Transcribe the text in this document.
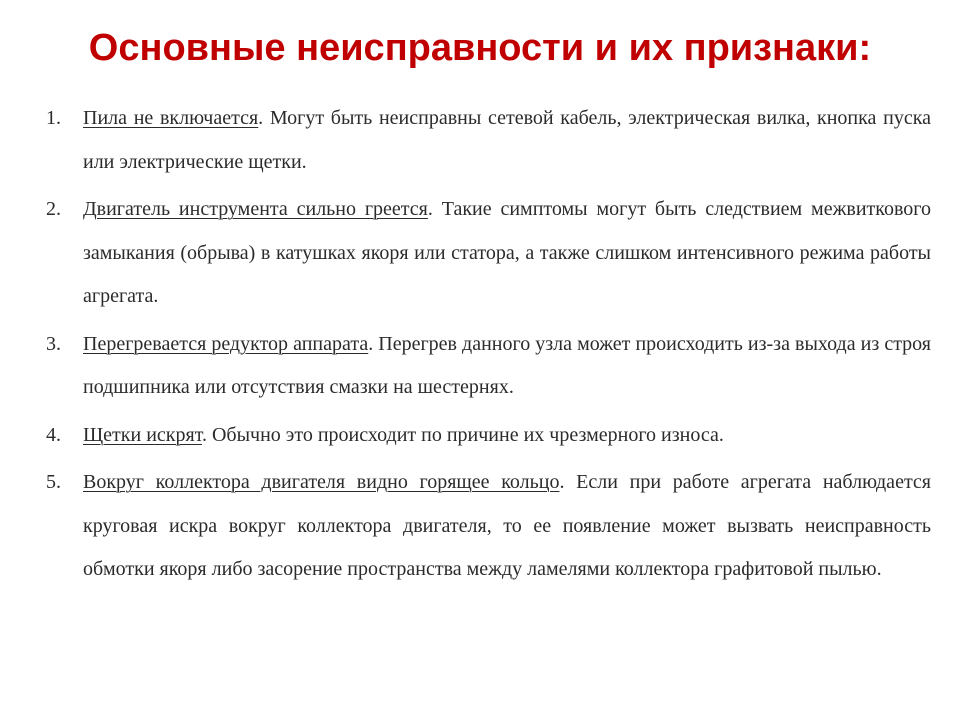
Основные неисправности и их признаки:
1. Пила не включается. Могут быть неисправны сетевой кабель, электрическая вилка, кнопка пуска или электрические щетки.
2. Двигатель инструмента сильно греется. Такие симптомы могут быть следствием межвиткового замыкания (обрыва) в катушках якоря или статора, а также слишком интенсивного режима работы агрегата.
3. Перегревается редуктор аппарата. Перегрев данного узла может происходить из-за выхода из строя подшипника или отсутствия смазки на шестернях.
4. Щетки искрят. Обычно это происходит по причине их чрезмерного износа.
5. Вокруг коллектора двигателя видно горящее кольцо. Если при работе агрегата наблюдается круговая искра вокруг коллектора двигателя, то ее появление может вызвать неисправность обмотки якоря либо засорение пространства между ламелями коллектора графитовой пылью.
